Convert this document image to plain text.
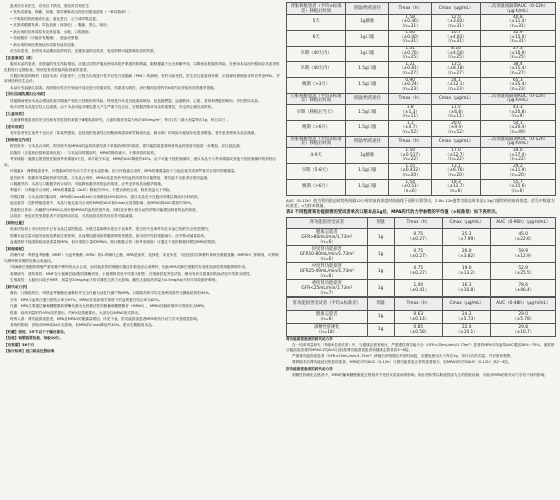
患者应告诉医生，若有以下情况，需及时告知医生：

• 发热或寒战、咳嗽、尿痛、排尿困难或出现任何感染迹象（一种或数种）；

• 不明原因的瘀斑或出血；面色苍白、乏力或呼吸急促；

• 皮肤或眼睛发黄；尿色加深（深茶色）；腹痛、恶心、呕吐；

• 新出现的皮疹或原有皮疹加重、水疱、口腔溃疡；

• 持续腹泻（可能伴有腹痛）、便血或黑便；

• 新出现的神经系统症状或原有症状加重；

应告诉患者，在使用本品期间及停药后，应避免接种活疫苗，免疫抑制可能影响疫苗的效果。

【注意事项】（续）

服用本品的患者，皮肤癌的发生风险增加。应通过穿防护服及使用高防护系数的防晒霜，限制暴露于日光和紫外线，以降低皮肤癌的风险。在使用本品治疗期间应对患者的皮肤进行定期检查，特别是有皮肤癌风险因素的患者。

在服用免疫抑制剂（包括本品）的患者中，已报告出现进行性多灶性白质脑病（PML）的病例，有时为致死性。医生应注意鉴别诊断，出现神经系统症状时应考虑PML，并请神经科医生会诊。

本品可引起胎儿损害。育龄期女性在开始治疗前应进行妊娠试验，结果须为阴性，治疗期间及停药后6周内应采取有效的避孕措施。

【孕妇及哺乳期妇女用药】

妊娠期间使用本品会增加妊娠早期流产和先天性畸形的风险，特别是外耳及其他面部畸形，包括唇腭裂、远端肢体、心脏、食管和肾脏的畸形。孕妇禁用本品。

尚不清楚本品是否经人乳排泄。由于本品可能对哺乳婴儿产生严重不良反应，应根据药物对母亲的重要性，决定停止哺乳或停药。

【儿童用药】

儿童肾移植患者的安全性和有效性资料来源于Ⅲ期临床研究。儿童的推荐剂量为每次400mg/m²，每日2次（最大剂量每次1g，每日2次）。

【老年用药】

老年患者发生某些不良反应（如某些感染，包括组织侵袭性巨细胞病毒感染和胃肠道出血、肺水肿）的风险可能较年轻患者增加。老年患者使用本品应谨慎。

【药物相互作用】

阿昔洛韦：与本品合用时，阿昔洛韦及MPAG的血药浓度均高于单独给药时的浓度。肾功能损害患者两者的血药浓度可能进一步增加，应注意监测。

抗酸药（含氢氧化镁和氢氧化铝）：与本品同时服用时，MPA的吸收减少。不推荐同时给药。

考来烯胺：健康志愿者预先服用考来烯胺4天后，单次给予本品，MPA的AUC降低约40%。由于可能干扰肝肠循环，建议本品不与考来烯胺或其他干扰肝肠循环的药物合用。

环孢素A：肾移植患者中，环孢素A的药代动力学不受本品影响。但与环孢素合用时，MPA的暴露量低于与他克莫司或西罗莫司合用时的暴露量。

更昔洛韦：根据单剂量给药研究结果，与本品合用时，MPAG及更昔洛韦的血药浓度均可能增加，肾功能不全患者应密切监测。

口服避孕药：本品与口服避孕药合用时，可能降低避孕药的血药浓度，应考虑采取其他避孕措施。

利福平：与利福平合用时，MPA的暴露量（AUC）降低约70%，不建议两药合用，除非获益大于风险。

司维拉姆：与本品同时服用时，MPA的Cmax和AUC分别降低30%和25%，建议本品至少在服用司维拉姆前2小时给药。

他克莫司：在肝移植患者中，本品与他克莫司合用时MPA的AUC和Cmax无显著影响；但MPAG的AUC增加约30%。

其他相互作用：丙磺舒与MPAG合用可使MPAG的血药浓度升高，同时竞争肾小管分泌的药物可能增加两者的血药浓度。

活疫苗：免疫应答受损患者不应接种活疫苗，对其他疫苗的抗体应答可能减弱。

【药物过量】

临床试验和上市后经验中已有本品过量的报道。多数过量病例未报告不良事件，报告的不良事件均在本品已知的安全性范围内。

预期本品过量可能导致免疫系统过度抑制，从而增加感染和骨髓抑制的易感性。如出现中性粒细胞减少，应中断或减量给药。

血液透析不能清除临床显著量的MPA，但可清除少量的MPAG。胆汁酸螯合剂（如考来烯胺）可通过干扰肝肠循环增加MPA的排泄。

【药理毒理】

药理作用：吗替麦考酚酯（MMF）为麦考酚酸（MPA）的2-吗啉代乙酯，MPA是高效、选择性、非竞争性、可逆性的次黄嘌呤单核苷酸脱氢酶（IMPDH）抑制剂，可抑制鸟嘌呤核苷酸的经典合成途径。

T和B淋巴细胞的增殖严重依赖于嘌呤的从头合成，而其他类型的细胞可通过补救途径合成嘌呤，因此MPA对淋巴细胞具有高度选择性的细胞抑制作用。

毒理研究：遗传毒性：MMF在小鼠淋巴瘤/胸苷激酶试验、小鼠微核试验中结果为阳性；在细菌回复突变试验、酵母有丝分裂基因转换试验中结果为阴性。

生殖毒性：大鼠经口给予MMF，剂量至20mg/kg/天时对雄性生育力无影响。雌性大鼠给药剂量为4.5mg/kg/天时可导致胎仔畸形。

【药代动力学】

吸收：口服给药后，吗替麦考酚酯迅速吸收并完全代谢为活性代谢产物MPA。口服给药的平均生物利用度约为静脉给药的94%。

分布：MPA与血浆白蛋白的结合率为97%。MPAG在临床相关浓度下的血浆蛋白结合率为82%。

代谢：MPA主要通过葡萄糖醛酸转移酶代谢为无药理活性的酚葡萄糖醛酸苷（MPAG），MPAG经肠肝循环可再转化为MPA。

排泄：给药剂量的约93%经尿排出，约6%经粪便排出，大部分以MPAG形式排出。

特殊人群：肾功能损害患者，MPA及MPAG的暴露量增加，详见下表。肝功能损害患者MPA的药代动力学未受明显影响。

食物的影响：食物对MPA的AUC无影响，但MPA的Cmax降低约40%。建议空腹服用本品。

【贮藏】密封，25℃以下干燥处保存。

【包装】铝塑泡罩包装，每板10片。

【有效期】36个月

【执行标准】进口药品注册标准

肾脏移植患者（平均±标准差）移植后时间	剂量/给药途径	Tmax（h）	Cmax（μg/mL）	二次剂量间隔期AUC（0-12h）（μg·h/mL）
5天	1g静脉	1.58
（±0.46）
（n=31）	12.0
（±3.82）
（n=31）	40.8
（±11.4）
（n=31）
6天	1g口服	1.00
（±0.00）
（n=31）	10.7
（±4.83）
（n=31）	32.9
（±15.0）
（n=31）
早期（40天内）	1g口服	1.31
（±0.76）
（n=25）	8.16
（±4.50）
（n=25）	27.3
（±10.9）
（n=25）
早期（40天内）	1.5g口服	1.21
（±0.81）
（n=27）	13.5
（±8.18）
（n=27）	38.4
（±15.4）
（n=27）
晚期（>3月）	1.5g口服	0.90
（±0.24）
（n=23）	24.1
（±12.1）
（n=23）	65.3
（±35.4）
（n=23）
心脏移植患者（平均±标准差）移植后时间	剂量/给药途径	Tmax（h）	Cmax（μg/mL）	二次剂量间隔期AUC（0-12h）（μg·h/mL）
早期（移植后当天）	1.5g口服	1.8
（±1.3）
（n=11）	11.5
（±6.8）
（n=11）	43.3
（±20.8）
（n=9）
晚期（>6月）	1.5g口服	1.1
（±0.7）
（n=52）	20.0
（±9.4）
（n=52）	54.1
（±20.4）
（n=49）
肝脏移植患者（平均±标准差）移植后时间	剂量/给药途径	Tmax（h）	Cmax（μg/mL）	二次剂量间隔期AUC（0-12h）（μg·h/mL）
4-9天	1g静脉	1.50
（±0.517）
（n=22）	17.0
（±12.7）
（n=22）	34.0
（±17.4）
（n=22）
早期（5-8天）	1.5g口服	1.15
（±0.432）
（n=20）	13.1
（±6.76）
（n=20）	29.2
（±11.9）
（n=20）
晚期（>6月）	1.5g口服	1.54
（±0.51）
（n=6）	19.3
（±11.7）
（n=6）	55.7
（±15.6）
（n=6）
AUC（0-12h）值为利用稳态时给药间隔12小时的血药浓度时间曲线下面积计算得出，2.0h-12h值等为稳态时本品1.5g口服给药的血药浓度。括号中数值为标准差，n为样本数量。
表2 不同程度肾功能损害的受试者单次口服本品1g后，MPA药代动力学参数的平均值（±标准差）如下表所示。
肾功能损害受试者	剂量	Tmax（h）	Cmax（μg/mL）	AUC（0-96h）（μg·h/mL）
健康志愿者
GFR>80mL/min/1.73m²
（n=6）	1g	0.75
（±0.27）	25.3
（±7.99）	45.0
（±22.6）
轻度肾功能损害
GFR50-80mL/min/1.73m²
（n=6）	1g	0.75
（±0.27）	26.0
（±3.82）	59.9
（±12.9）
中度肾功能损害
GFR25-49mL/min/1.73m²
（n=6）	1g	0.75
（±0.27）	19.0
（±13.2）	52.9
（±25.5）
重度肾功能损害
GFR<25mL/min/1.73m²
（n=7）	1g	1.00
（±0.41）	16.3
（±10.8）	78.6
（±46.4）
肝功能损害受试者（平均±标准差）	剂量	Tmax（h）	Cmax（μg/mL）	AUC（0-48h）（μg·h/mL）
健康志愿者
（n=6）	1g	0.63
（±0.14）	24.3
（±5.73）	29.0
（±5.78）
酒精性肝硬化
（n=18）	1g	0.85
（±0.58）	22.4
（±10.1）	29.8
（±10.7）

肾功能损害患者的药代动力学

在一项单剂量研究（每组6名受试者）中，与健康志愿者相比，严重慢性肾功能不全（GFR<25mL/min/1.73m²）患者的MPA平均血浆AUC增加28%~75%。重度肾功能损害患者的MPAG平均AUC比轻度肾功能损害患者和健康志愿者高3~6倍。

严重肾功能损害患者（GFR<25mL/min/1.73m²）移植后即刻期以外的时间段，应避免使用大于每次1g、每日2次的剂量，并应密切观察。

肾移植术后肾功能延迟恢复的患者，MPA的平均AUC（0-12h）与肾功能恢复正常的患者相当，但MPAG的平均AUC（0-12h）高2~3倍。

肝功能损害患者的药代动力学

酒精性肝硬化志愿者中，MPA的葡萄糖醛酸化过程相对不受肝实质疾病的影响。胆汁淤积等以胆道损害为主的肝脏疾病，可能对MPA的药代动力学有不同的影响。
